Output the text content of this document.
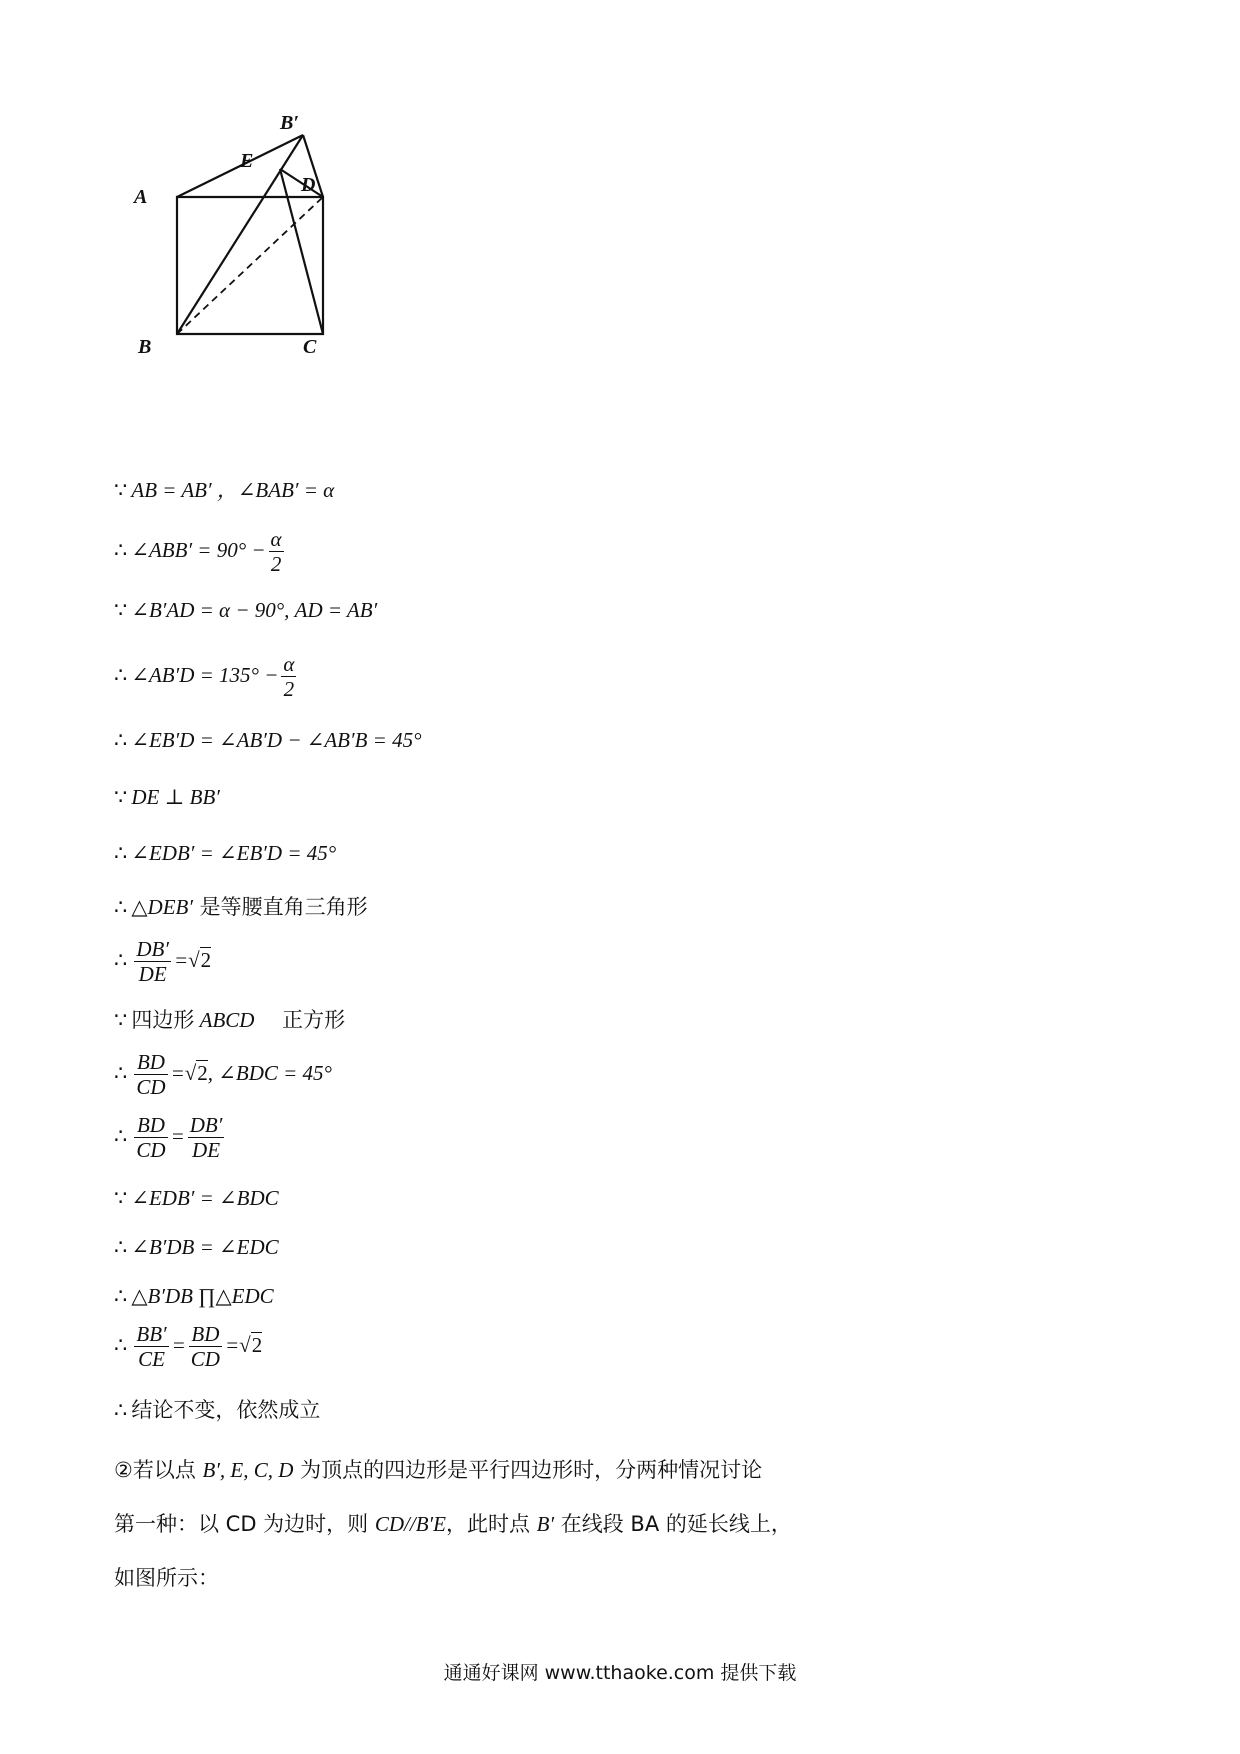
B′
E
D
A
B	C
∵ AB = AB′ ，∠BAB′ = α
∴ ∠ABB′ = $90^\circ - \frac{\alpha}{2}$
∵ ∠B′AD = α − 90°, AD = AB′
∴ ∠AB′D = $135^\circ - \frac{\alpha}{2}$
∴ ∠EB′D = ∠AB′D − ∠AB′B = 45°
∵ DE ⊥ BB′
∴ ∠EDB′ = ∠EB′D = 45°
∴ △DEB′ 是等腰直角三角形
∴ $\frac{DB'}{DE} =√2$
∵ 四边形 ABCD　 正方形
∴ $\frac{BD}{CD} =√2$, ∠BDC = 45°
∴ $\frac{BD}{CD} = \frac{DB'}{DE}$
∵ ∠EDB′ = ∠BDC
∴ ∠B′DB = ∠EDC
∴ △B′DB ∏△EDC
∴ $\frac{BB'}{CE} = \frac{BD}{CD} =√2$
∴ 结论不变，依然成立
②若以点 B′, E, C, D 为顶点的四边形是平行四边形时，分两种情况讨论
第一种：以 CD 为边时，则 CD//B′E，此时点 B′ 在线段 BA 的延长线上，
如图所示：
通通好课网 www.tthaoke.com 提供下载
